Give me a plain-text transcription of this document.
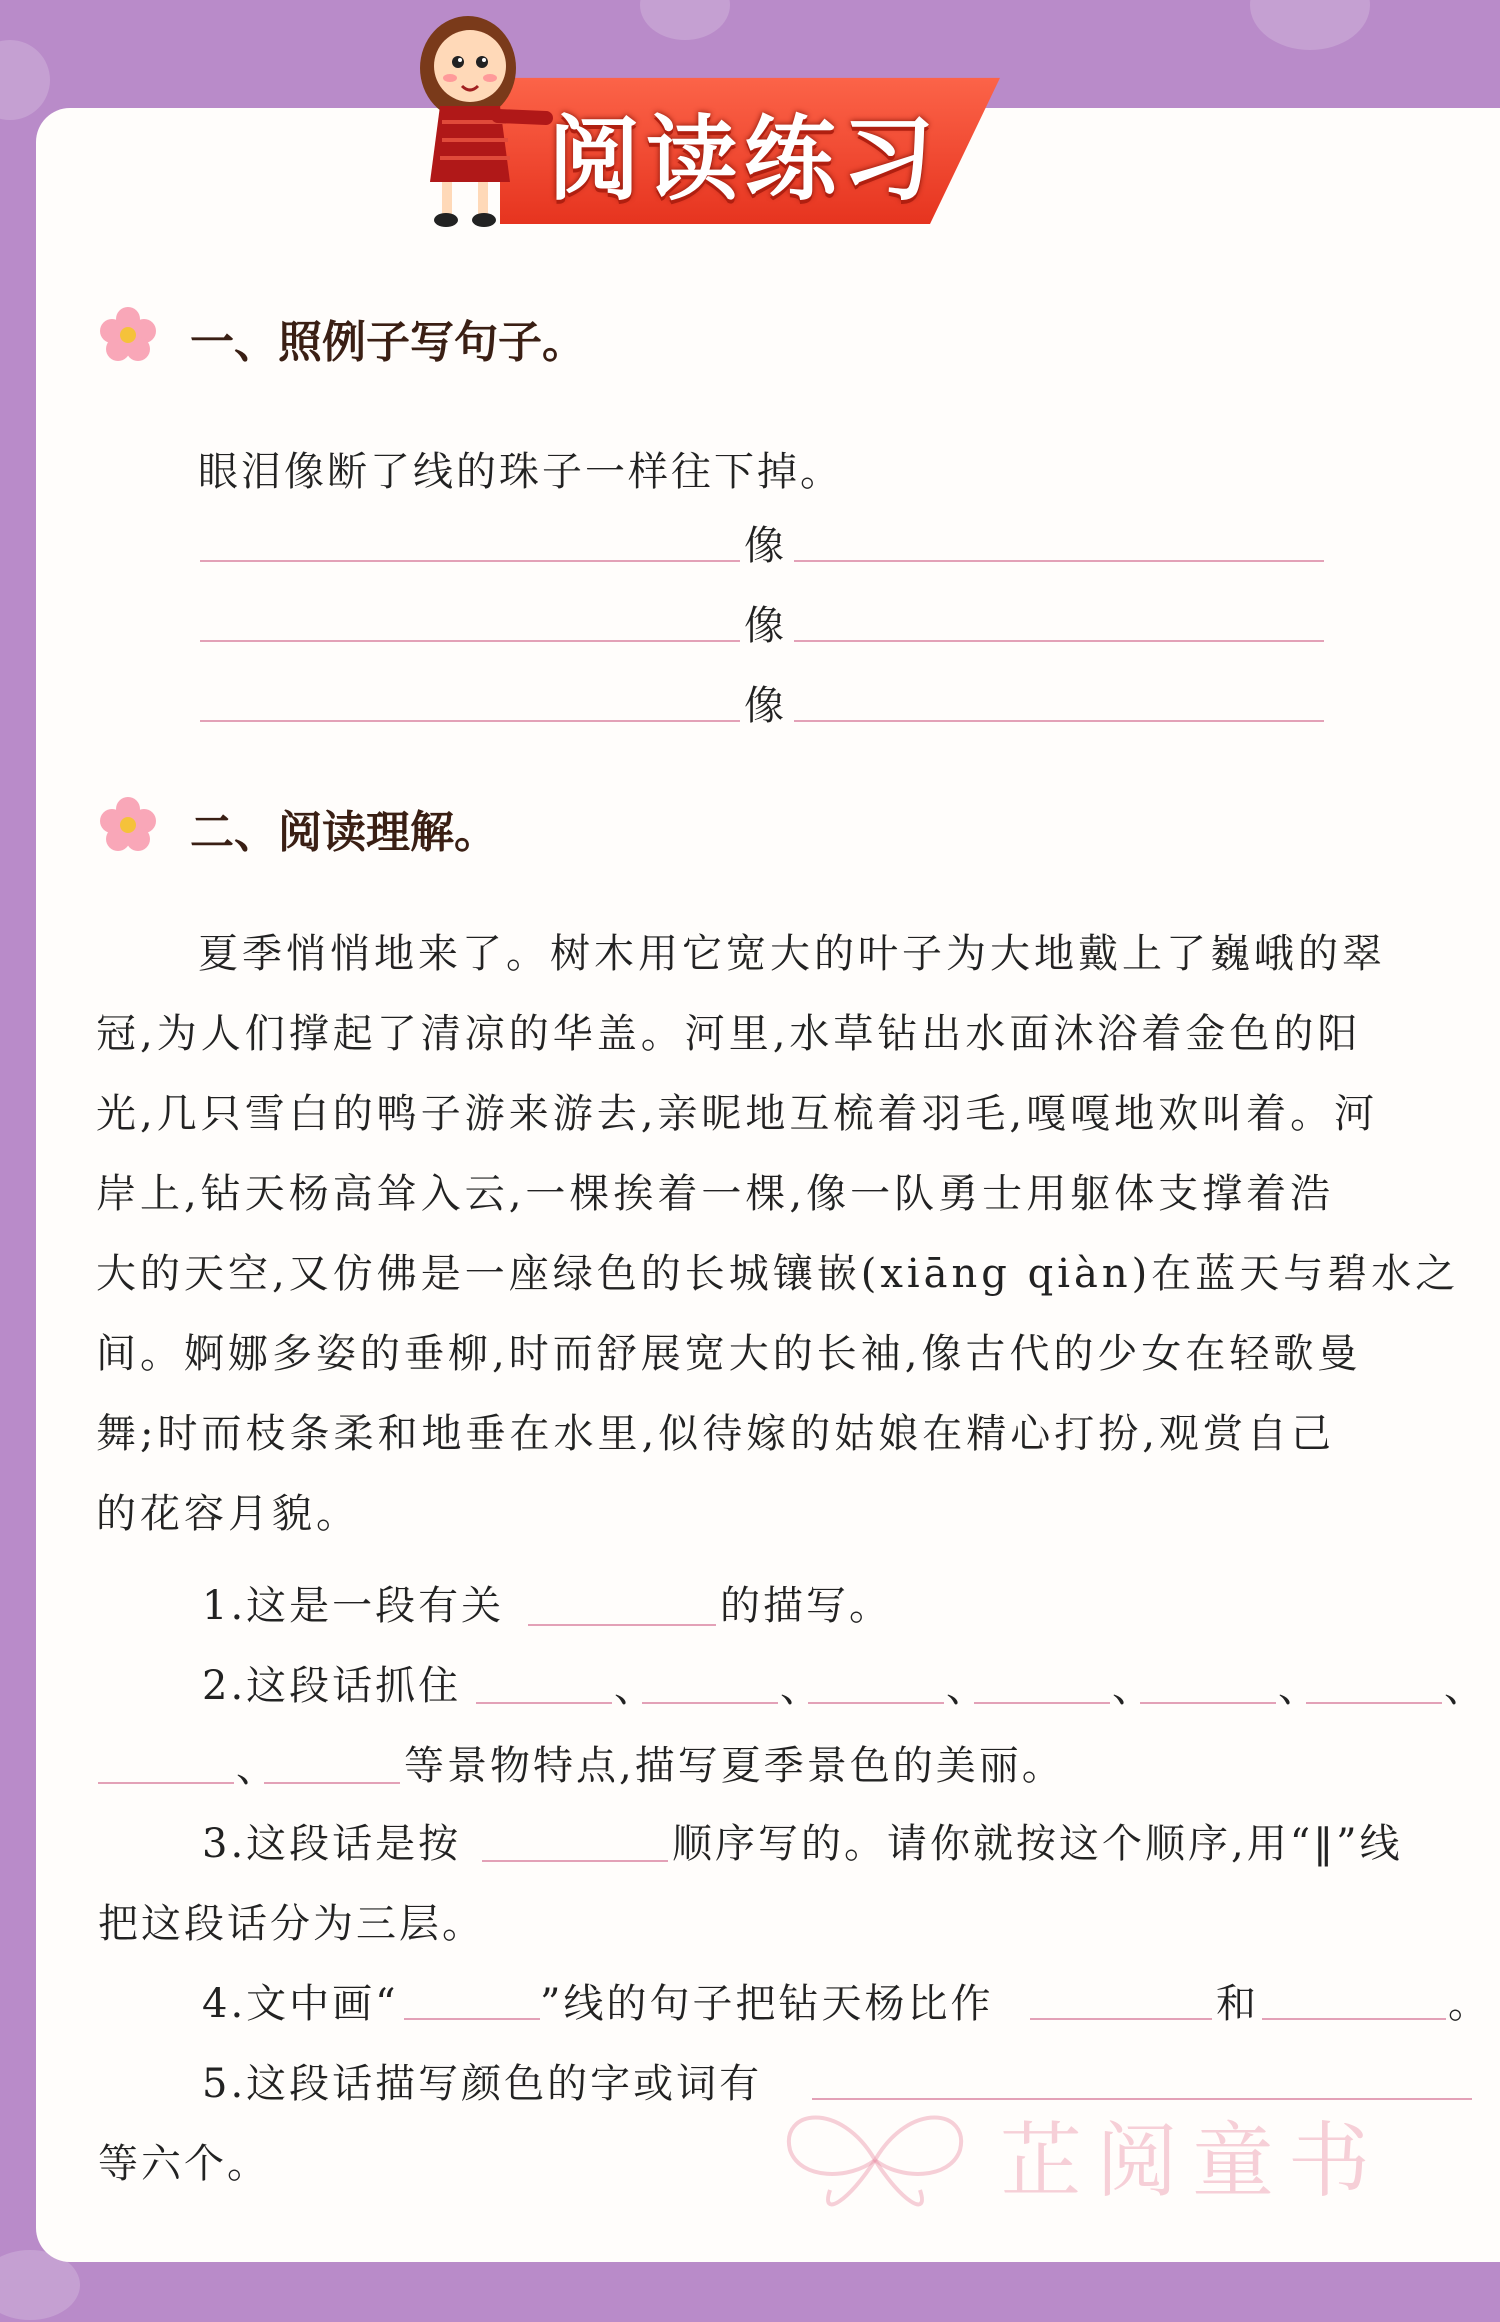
阅读练习
一、照例子写句子。
眼泪像断了线的珠子一样往下掉。
像
像
像
二、阅读理解。
夏季悄悄地来了。树木用它宽大的叶子为大地戴上了巍峨的翠
冠,为人们撑起了清凉的华盖。河里,水草钻出水面沐浴着金色的阳
光,几只雪白的鸭子游来游去,亲昵地互梳着羽毛,嘎嘎地欢叫着。河
岸上,钻天杨高耸入云,一棵挨着一棵,像一队勇士用躯体支撑着浩
大的天空,又仿佛是一座绿色的长城镶嵌(xiāng qiàn)在蓝天与碧水之
间。婀娜多姿的垂柳,时而舒展宽大的长袖,像古代的少女在轻歌曼
舞;时而枝条柔和地垂在水里,似待嫁的姑娘在精心打扮,观赏自己
的花容月貌。
1.这是一段有关	的描写。
2.这段话抓住	、	、	、	、	、	、
、	等景物特点,描写夏季景色的美丽。
3.这段话是按	顺序写的。请你就按这个顺序,用“‖”线
把这段话分为三层。
4.文中画“	”线的句子把钻天杨比作	和	。
5.这段话描写颜色的字或词有
等六个。	芷阅童书
